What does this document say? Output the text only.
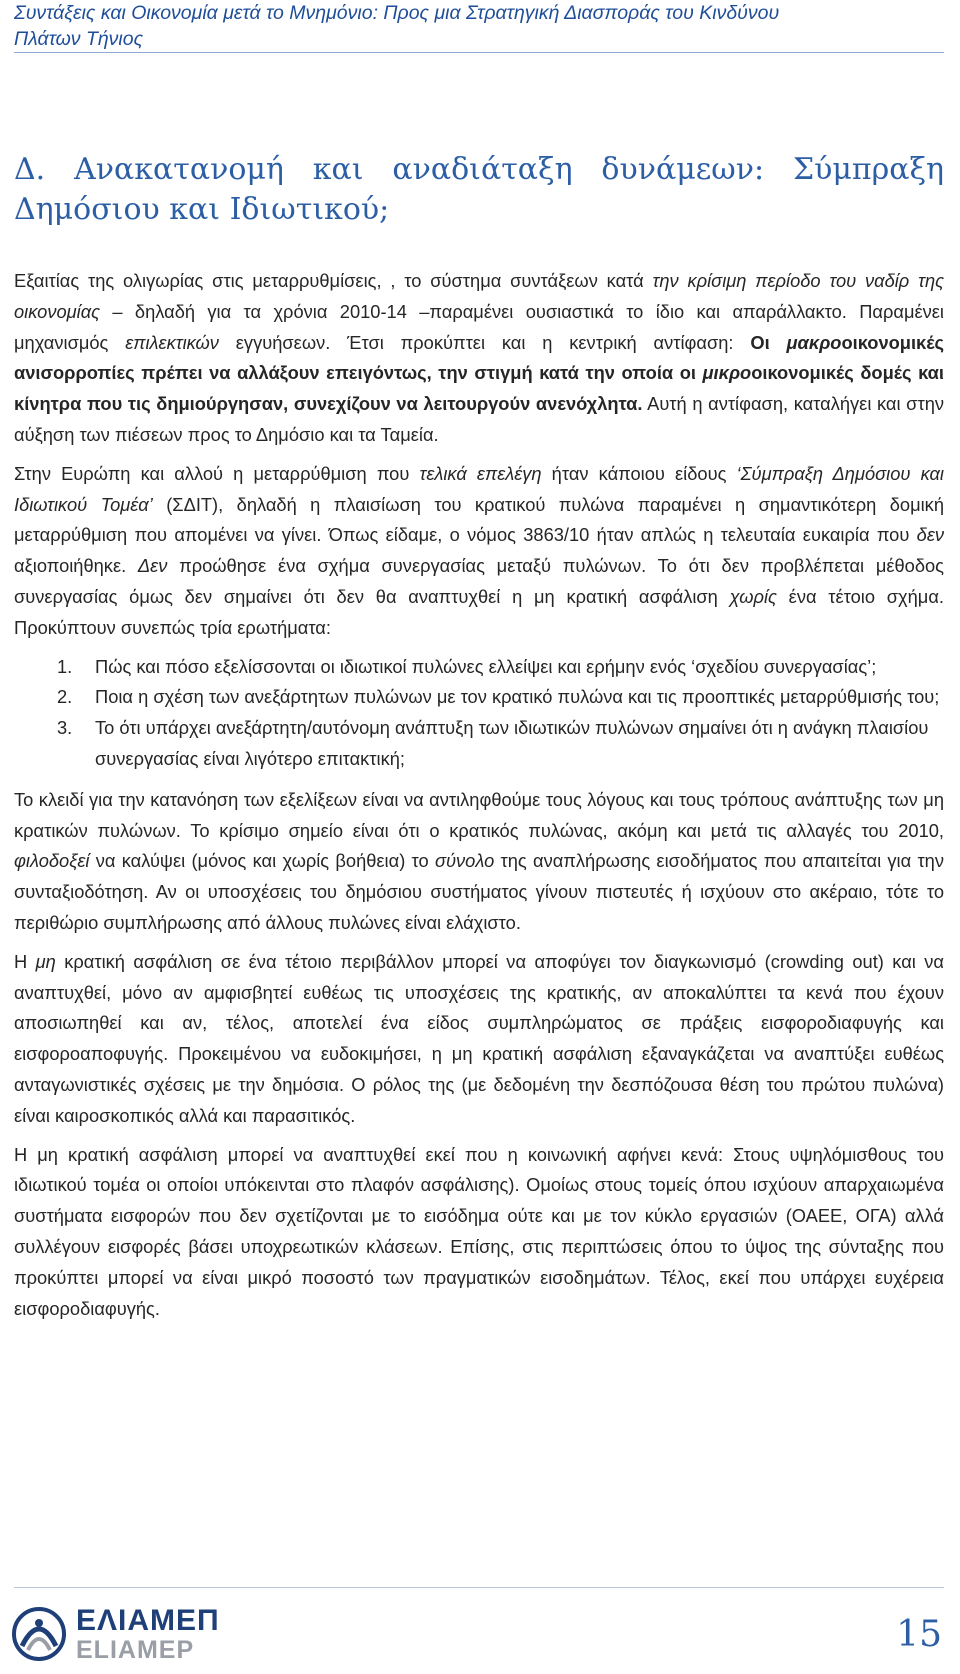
Συντάξεις και Οικονομία μετά το Μνημόνιο: Προς μια Στρατηγική Διασποράς του Κινδύνου
Πλάτων Τήνιος
Δ. Ανακατανομή και αναδιάταξη δυνάμεων: Σύμπραξη
Δημόσιου και Ιδιωτικού;

Εξαιτίας της ολιγωρίας στις μεταρρυθμίσεις, , το σύστημα συντάξεων κατά την κρίσιμη περίοδο του ναδίρ της οικονομίας – δηλαδή για τα χρόνια 2010-14 –παραμένει ουσιαστικά το ίδιο και απαράλλακτο. Παραμένει μηχανισμός επιλεκτικών εγγυήσεων. Έτσι προκύπτει και η κεντρική αντίφαση: Οι μακροοικονομικές ανισορροπίες πρέπει να αλλάξουν επειγόντως, την στιγμή κατά την οποία οι μικροοικονομικές δομές και κίνητρα που τις δημιούργησαν, συνεχίζουν να λειτουργούν ανενόχλητα. Αυτή η αντίφαση, καταλήγει και στην αύξηση των πιέσεων προς το Δημόσιο και τα Ταμεία.

Στην Ευρώπη και αλλού η μεταρρύθμιση που τελικά επελέγη ήταν κάποιου είδους ‘Σύμπραξη Δημόσιου και Ιδιωτικού Τομέα’ (ΣΔΙΤ), δηλαδή η πλαισίωση του κρατικού πυλώνα παραμένει η σημαντικότερη δομική μεταρρύθμιση που απομένει να γίνει. Όπως είδαμε, ο νόμος 3863/10 ήταν απλώς η τελευταία ευκαιρία που δεν αξιοποιήθηκε. Δεν προώθησε ένα σχήμα συνεργασίας μεταξύ πυλώνων. Το ότι δεν προβλέπεται μέθοδος συνεργασίας όμως δεν σημαίνει ότι δεν θα αναπτυχθεί η μη κρατική ασφάλιση χωρίς ένα τέτοιο σχήμα. Προκύπτουν συνεπώς τρία ερωτήματα:

1. Πώς και πόσο εξελίσσονται οι ιδιωτικοί πυλώνες ελλείψει και ερήμην ενός ‘σχεδίου συνεργασίας’;
2. Ποια η σχέση των ανεξάρτητων πυλώνων με τον κρατικό πυλώνα και τις προοπτικές μεταρρύθμισής του;
3. Το ότι υπάρχει ανεξάρτητη/αυτόνομη ανάπτυξη των ιδιωτικών πυλώνων σημαίνει ότι η ανάγκη πλαισίου συνεργασίας είναι λιγότερο επιτακτική;

Το κλειδί για την κατανόηση των εξελίξεων είναι να αντιληφθούμε τους λόγους και τους τρόπους ανάπτυξης των μη κρατικών πυλώνων. Το κρίσιμο σημείο είναι ότι ο κρατικός πυλώνας, ακόμη και μετά τις αλλαγές του 2010, φιλοδοξεί να καλύψει (μόνος και χωρίς βοήθεια) το σύνολο της αναπλήρωσης εισοδήματος που απαιτείται για την συνταξιοδότηση. Αν οι υποσχέσεις του δημόσιου συστήματος γίνουν πιστευτές ή ισχύουν στο ακέραιο, τότε το περιθώριο συμπλήρωσης από άλλους πυλώνες είναι ελάχιστο.

Η μη κρατική ασφάλιση σε ένα τέτοιο περιβάλλον μπορεί να αποφύγει τον διαγκωνισμό (crowding out) και να αναπτυχθεί, μόνο αν αμφισβητεί ευθέως τις υποσχέσεις της κρατικής, αν αποκαλύπτει τα κενά που έχουν αποσιωπηθεί και αν, τέλος, αποτελεί ένα είδος συμπληρώματος σε πράξεις εισφοροδιαφυγής και εισφοροαποφυγής. Προκειμένου να ευδοκιμήσει, η μη κρατική ασφάλιση εξαναγκάζεται να αναπτύξει ευθέως ανταγωνιστικές σχέσεις με την δημόσια. Ο ρόλος της (με δεδομένη την δεσπόζουσα θέση του πρώτου πυλώνα) είναι καιροσκοπικός αλλά και παρασιτικός.

Η μη κρατική ασφάλιση μπορεί να αναπτυχθεί εκεί που η κοινωνική αφήνει κενά: Στους υψηλόμισθους του ιδιωτικού τομέα οι οποίοι υπόκεινται στο πλαφόν ασφάλισης). Ομοίως στους τομείς όπου ισχύουν απαρχαιωμένα συστήματα εισφορών που δεν σχετίζονται με το εισόδημα ούτε και με τον κύκλο εργασιών (ΟΑΕΕ, ΟΓΑ) αλλά συλλέγουν εισφορές βάσει υποχρεωτικών κλάσεων. Επίσης, στις περιπτώσεις όπου το ύψος της σύνταξης που προκύπτει μπορεί να είναι μικρό ποσοστό των πραγματικών εισοδημάτων. Τέλος, εκεί που υπάρχει ευχέρεια εισφοροδιαφυγής.

ΕΛΙΑΜΕΠ
ELIAMEP	15
